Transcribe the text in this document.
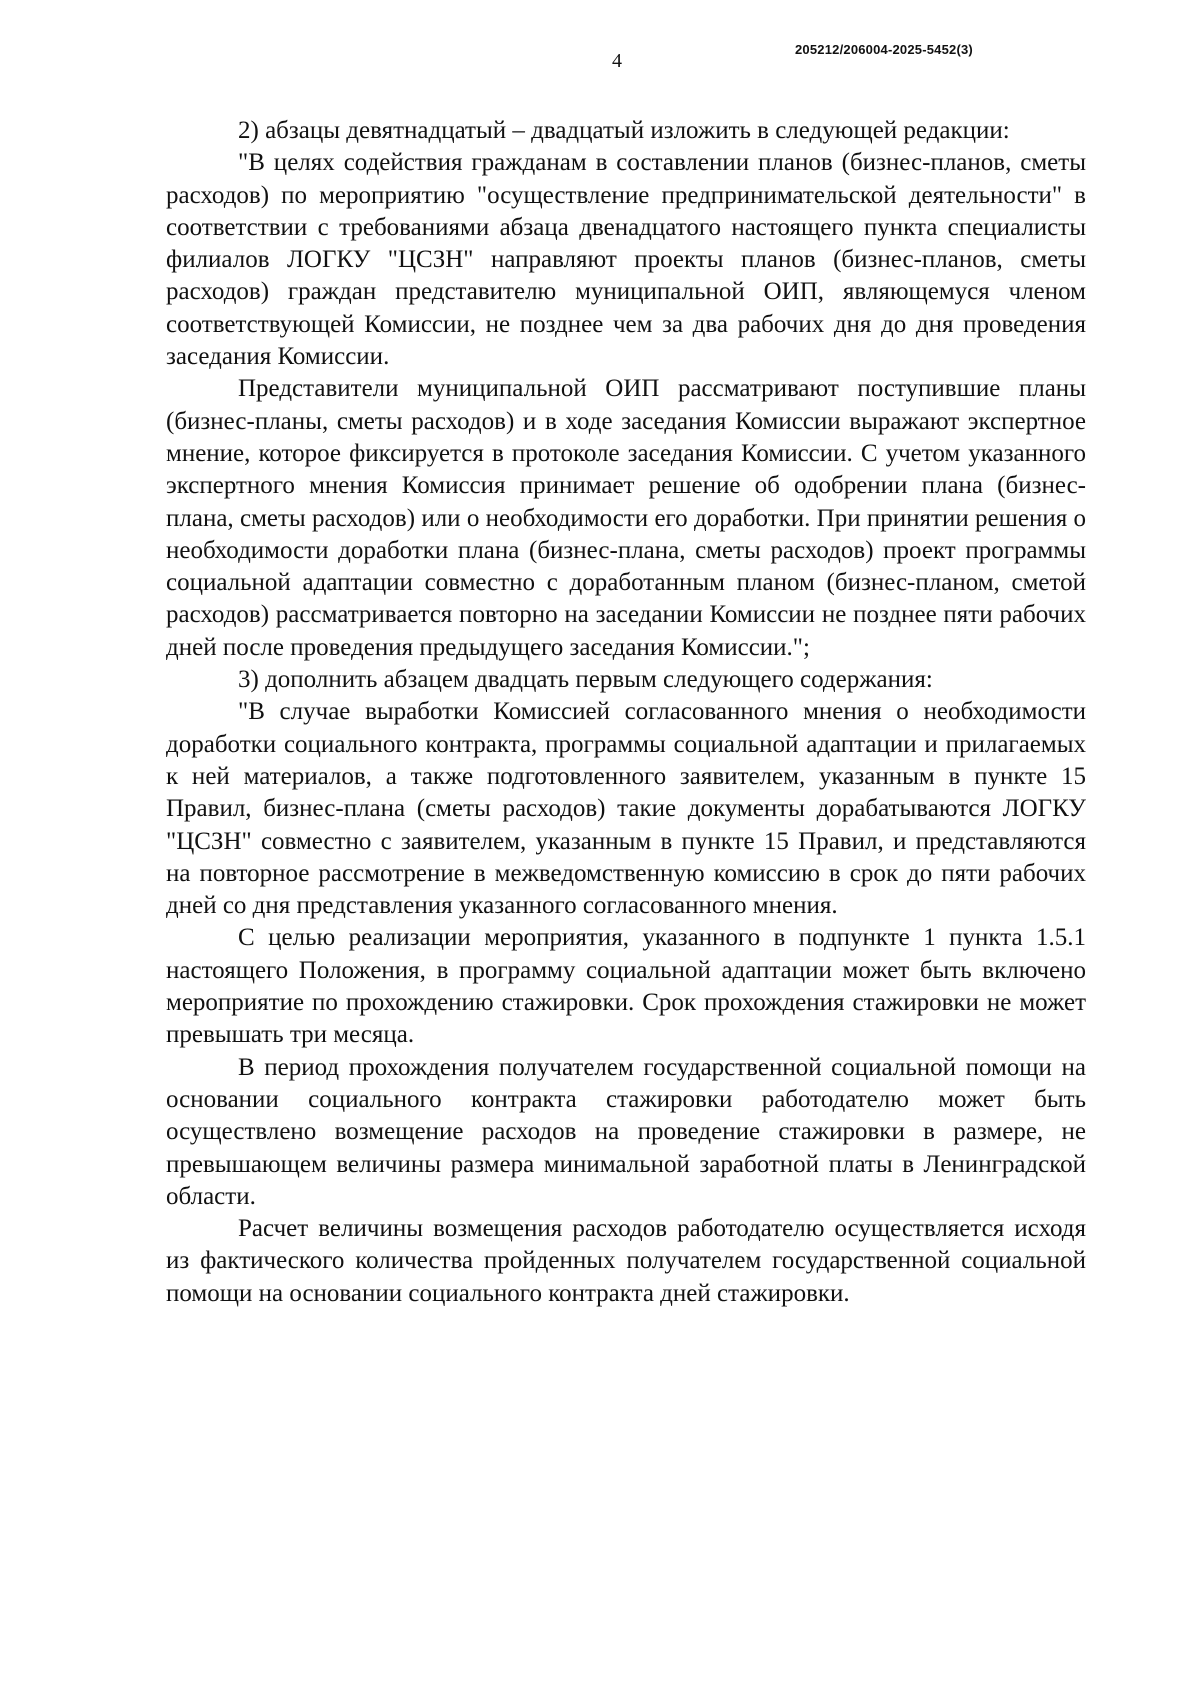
205212/206004-2025-5452(3)
4

2) абзацы девятнадцатый – двадцатый изложить в следующей редакции:

"В целях содействия гражданам в составлении планов (бизнес-планов, сметы расходов) по мероприятию "осуществление предпринимательской деятельности" в соответствии с требованиями абзаца двенадцатого настоящего пункта специалисты филиалов ЛОГКУ "ЦСЗН" направляют проекты планов (бизнес-планов, сметы расходов) граждан представителю муниципальной ОИП, являющемуся членом соответствующей Комиссии, не позднее чем за два рабочих дня до дня проведения заседания Комиссии.

Представители муниципальной ОИП рассматривают поступившие планы (бизнес-планы, сметы расходов) и в ходе заседания Комиссии выражают экспертное мнение, которое фиксируется в протоколе заседания Комиссии. С учетом указанного экспертного мнения Комиссия принимает решение об одобрении плана (бизнес-плана, сметы расходов) или о необходимости его доработки. При принятии решения о необходимости доработки плана (бизнес-плана, сметы расходов) проект программы социальной адаптации совместно с доработанным планом (бизнес-планом, сметой расходов) рассматривается повторно на заседании Комиссии не позднее пяти рабочих дней после проведения предыдущего заседания Комиссии.";

3) дополнить абзацем двадцать первым следующего содержания:

"В случае выработки Комиссией согласованного мнения о необходимости доработки социального контракта, программы социальной адаптации и прилагаемых к ней материалов, а также подготовленного заявителем, указанным в пункте 15 Правил, бизнес-плана (сметы расходов) такие документы дорабатываются ЛОГКУ "ЦСЗН" совместно с заявителем, указанным в пункте 15 Правил, и представляются на повторное рассмотрение в межведомственную комиссию в срок до пяти рабочих дней со дня представления указанного согласованного мнения.

С целью реализации мероприятия, указанного в подпункте 1 пункта 1.5.1 настоящего Положения, в программу социальной адаптации может быть включено мероприятие по прохождению стажировки. Срок прохождения стажировки не может превышать три месяца.

В период прохождения получателем государственной социальной помощи на основании социального контракта стажировки работодателю может быть осуществлено возмещение расходов на проведение стажировки в размере, не превышающем величины размера минимальной заработной платы в Ленинградской области.

Расчет величины возмещения расходов работодателю осуществляется исходя из фактического количества пройденных получателем государственной социальной помощи на основании социального контракта дней стажировки.
